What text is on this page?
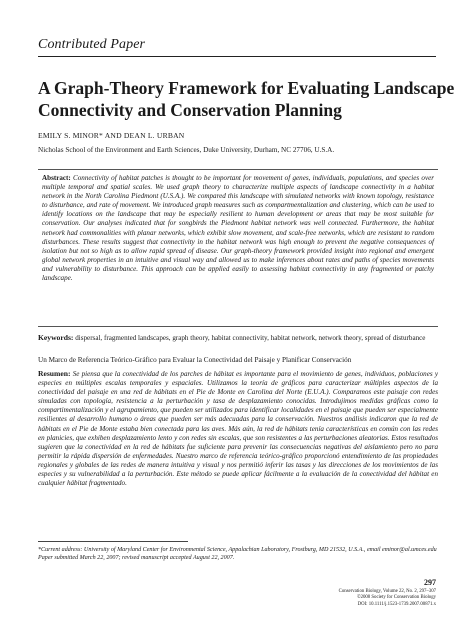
Contributed Paper
A Graph-Theory Framework for Evaluating Landscape
Connectivity and Conservation Planning
EMILY S. MINOR* AND DEAN L. URBAN
Nicholas School of the Environment and Earth Sciences, Duke University, Durham, NC 27706, U.S.A.

Abstract: Connectivity of habitat patches is thought to be important for movement of genes, individuals, populations, and species over multiple temporal and spatial scales. We used graph theory to characterize multiple aspects of landscape connectivity in a habitat network in the North Carolina Piedmont (U.S.A.). We compared this landscape with simulated networks with known topology, resistance to disturbance, and rate of movement. We introduced graph measures such as compartmentalization and clustering, which can be used to identify locations on the landscape that may be especially resilient to human development or areas that may be most suitable for conservation. Our analyses indicated that for songbirds the Piedmont habitat network was well connected. Furthermore, the habitat network had commonalities with planar networks, which exhibit slow movement, and scale-free networks, which are resistant to random disturbances. These results suggest that connectivity in the habitat network was high enough to prevent the negative consequences of isolation but not so high as to allow rapid spread of disease. Our graph-theory framework provided insight into regional and emergent global network properties in an intuitive and visual way and allowed us to make inferences about rates and paths of species movements and vulnerability to disturbance. This approach can be applied easily to assessing habitat connectivity in any fragmented or patchy landscape.

Keywords: dispersal, fragmented landscapes, graph theory, habitat connectivity, habitat network, network theory, spread of disturbance

Un Marco de Referencia Teórico-Gráfico para Evaluar la Conectividad del Paisaje y Planificar Conservación

Resumen: Se piensa que la conectividad de los parches de hábitat es importante para el movimiento de genes, individuos, poblaciones y especies en múltiples escalas temporales y espaciales. Utilizamos la teoría de gráficos para caracterizar múltiples aspectos de la conectividad del paisaje en una red de hábitats en el Pie de Monte en Carolina del Norte (E.U.A.). Comparamos este paisaje con redes simuladas con topología, resistencia a la perturbación y tasa de desplazamiento conocidas. Introdujimos medidas gráficas como la compartimentalización y el agrupamiento, que pueden ser utilizados para identificar localidades en el paisaje que pueden ser especialmente resilientes al desarrollo humano o áreas que pueden ser más adecuadas para la conservación. Nuestros análisis indicaron que la red de hábitats en el Pie de Monte estaba bien conectada para las aves. Más aún, la red de hábitats tenía características en común con las redes en planicies, que exhiben desplazamiento lento y con redes sin escalas, que son resistentes a las perturbaciones aleatorias. Estos resultados sugieren que la conectividad en la red de hábitats fue suficiente para prevenir las consecuencias negativas del aislamiento pero no para permitir la rápida dispersión de enfermedades. Nuestro marco de referencia teórico-gráfico proporcionó entendimiento de las propiedades regionales y globales de las redes de manera intuitiva y visual y nos permitió inferir las tasas y las direcciones de los movimientos de las especies y su vulnerabilidad a la perturbación. Este método se puede aplicar fácilmente a la evaluación de la conectividad del hábitat en cualquier hábitat fragmentado.

*Current address: University of Maryland Center for Environmental Science, Appalachian Laboratory, Frostburg, MD 21532, U.S.A., email eminor@al.umces.edu
Paper submitted March 22, 2007; revised manuscript accepted August 22, 2007.

297

Conservation Biology, Volume 22, No. 2, 297–307
©2008 Society for Conservation Biology
DOI: 10.1111/j.1523-1739.2007.00871.x
